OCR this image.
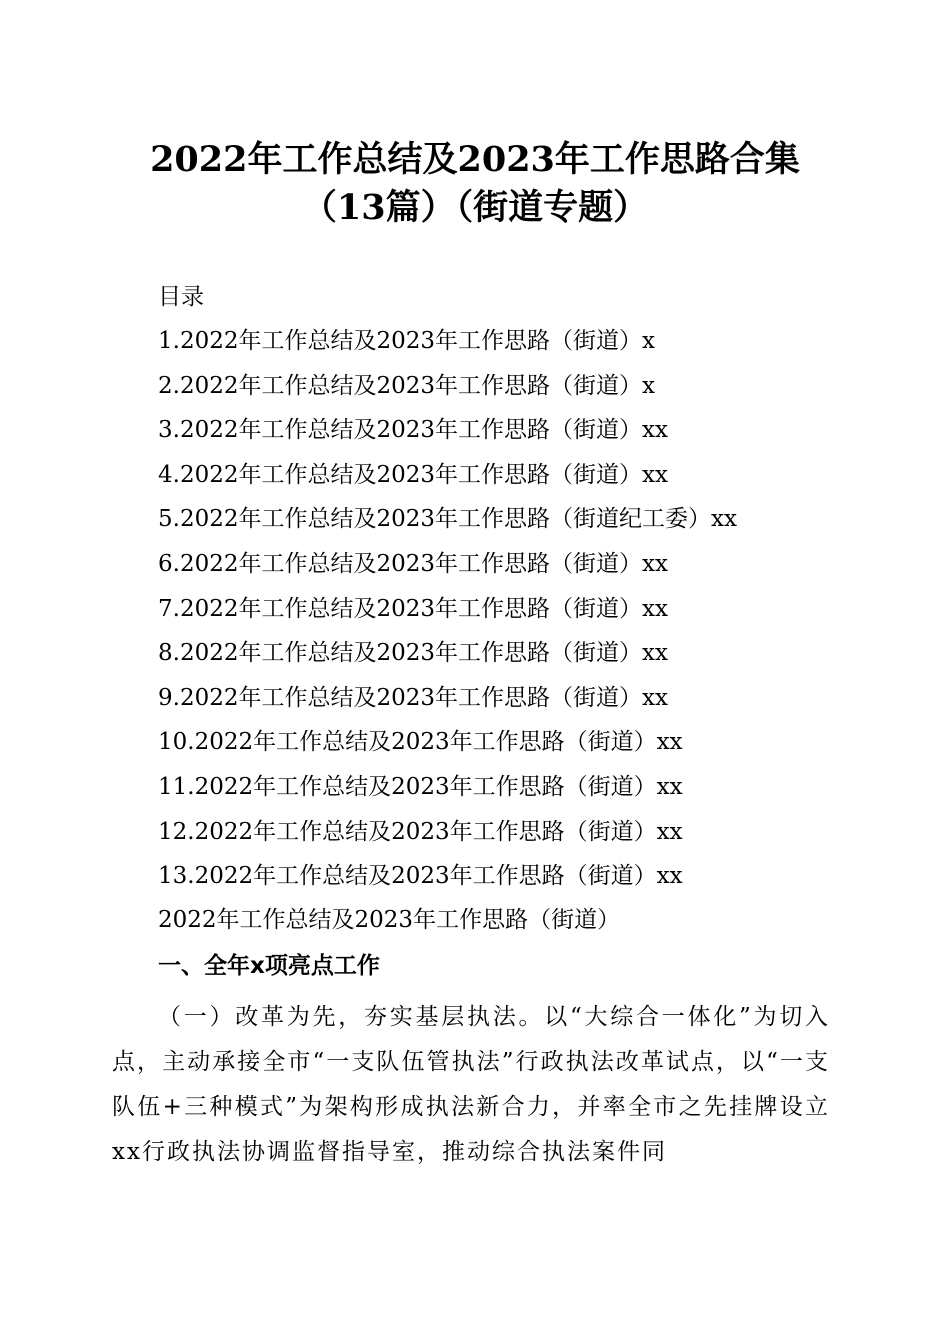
2022年工作总结及2023年工作思路合集（13篇）（街道专题）
目录
1.2022年工作总结及2023年工作思路（街道）x
2.2022年工作总结及2023年工作思路（街道）x
3.2022年工作总结及2023年工作思路（街道）xx
4.2022年工作总结及2023年工作思路（街道）xx
5.2022年工作总结及2023年工作思路（街道纪工委）xx
6.2022年工作总结及2023年工作思路（街道）xx
7.2022年工作总结及2023年工作思路（街道）xx
8.2022年工作总结及2023年工作思路（街道）xx
9.2022年工作总结及2023年工作思路（街道）xx
10.2022年工作总结及2023年工作思路（街道）xx
11.2022年工作总结及2023年工作思路（街道）xx
12.2022年工作总结及2023年工作思路（街道）xx
13.2022年工作总结及2023年工作思路（街道）xx
2022年工作总结及2023年工作思路（街道）
一、全年x项亮点工作

（一）改革为先，夯实基层执法。以“大综合一体化”为切入点，主动承接全市“一支队伍管执法”行政执法改革试点，以“一支队伍+三种模式”为架构形成执法新合力，并率全市之先挂牌设立xx行政执法协调监督指导室，推动综合执法案件同
